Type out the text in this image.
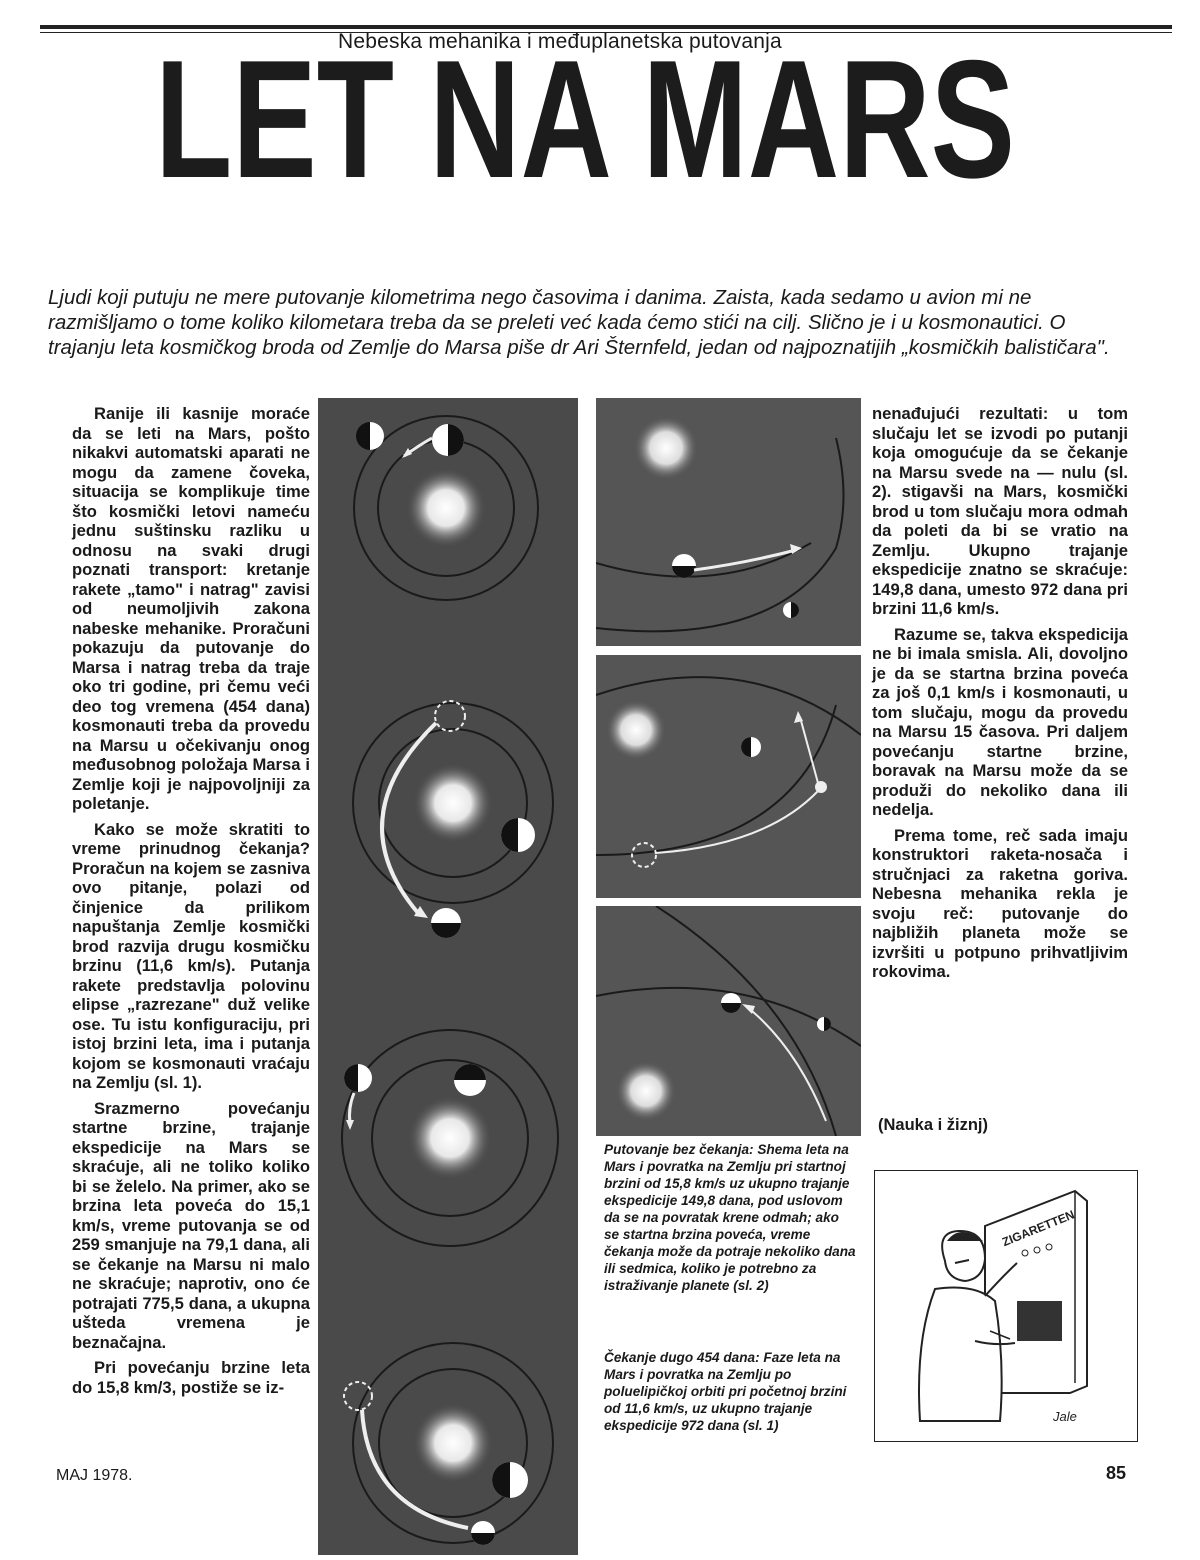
Nebeska mehanika i međuplanetska putovanja
LET NA MARS
Ljudi koji putuju ne mere putovanje kilometrima nego časovima i danima. Zaista, kada sedamo u avion mi ne razmišljamo o tome koliko kilometara treba da se preleti već kada ćemo stići na cilj. Slično je i u kosmonautici. O trajanju leta kosmičkog broda od Zemlje do Marsa piše dr Ari Šternfeld, jedan od najpoznatijih „kosmičkih balističara".

Ranije ili kasnije moraće da se leti na Mars, pošto nikakvi automatski aparati ne mogu da zamene čoveka, situacija se komplikuje time što kosmički letovi nameću jednu suštinsku razliku u odnosu na svaki drugi poznati transport: kretanje rakete „tamo" i natrag" zavisi od neumoljivih zakona nabeske mehanike. Proračuni pokazuju da putovanje do Marsa i natrag treba da traje oko tri godine, pri čemu veći deo tog vremena (454 dana) kosmonauti treba da provedu na Marsu u očekivanju onog međusobnog položaja Marsa i Zemlje koji je najpovoljniji za poletanje.

Kako se može skratiti to vreme prinudnog čekanja? Proračun na kojem se zasniva ovo pitanje, polazi od činjenice da prilikom napuštanja Zemlje kosmički brod razvija drugu kosmičku brzinu (11,6 km/s). Putanja rakete predstavlja polovinu elipse „razrezane" duž velike ose. Tu istu konfiguraciju, pri istoj brzini leta, ima i putanja kojom se kosmonauti vraćaju na Zemlju (sl. 1).

Srazmerno povećanju startne brzine, trajanje ekspedicije na Mars se skraćuje, ali ne toliko koliko bi se želelo. Na primer, ako se brzina leta poveća do 15,1 km/s, vreme putovanja se od 259 smanjuje na 79,1 dana, ali se čekanje na Marsu ni malo ne skraćuje; naprotiv, ono će potrajati 775,5 dana, a ukupna ušteda vremena je beznačajna.

Pri povećanju brzine leta do 15,8 km/3, postiže se iz-

Putovanje bez čekanja: Shema leta na Mars i povratka na Zemlju pri startnoj brzini od 15,8 km/s uz ukupno trajanje ekspedicije 149,8 dana, pod uslovom da se na povratak krene odmah; ako se startna brzina poveća, vreme čekanja može da potraje nekoliko dana ili sedmica, koliko je potrebno za istraživanje planete (sl. 2)
Čekanje dugo 454 dana: Faze leta na Mars i povratka na Zemlju po poluelipičkoj orbiti pri početnoj brzini od 11,6 km/s, uz ukupno trajanje ekspedicije 972 dana (sl. 1)

nenađujući rezultati: u tom slučaju let se izvodi po putanji koja omogućuje da se čekanje na Marsu svede na — nulu (sl. 2). stigavši na Mars, kosmički brod u tom slučaju mora odmah da poleti da bi se vratio na Zemlju. Ukupno trajanje ekspedicije znatno se skraćuje: 149,8 dana, umesto 972 dana pri brzini 11,6 km/s.

Razume se, takva ekspedicija ne bi imala smisla. Ali, dovoljno je da se startna brzina poveća za još 0,1 km/s i kosmonauti, u tom slučaju, mogu da provedu na Marsu 15 časova. Pri daljem povećanju startne brzine, boravak na Marsu može da se produži do nekoliko dana ili nedelja.

Prema tome, reč sada imaju konstruktori raketa-nosača i stručnjaci za raketna goriva. Nebesna mehanika rekla je svoju reč: putovanje do najbližih planeta može se izvršiti u potpuno prihvatljivim rokovima.

(Nauka i žiznj)
ZIGARETTEN
Jale
MAJ 1978.	85
